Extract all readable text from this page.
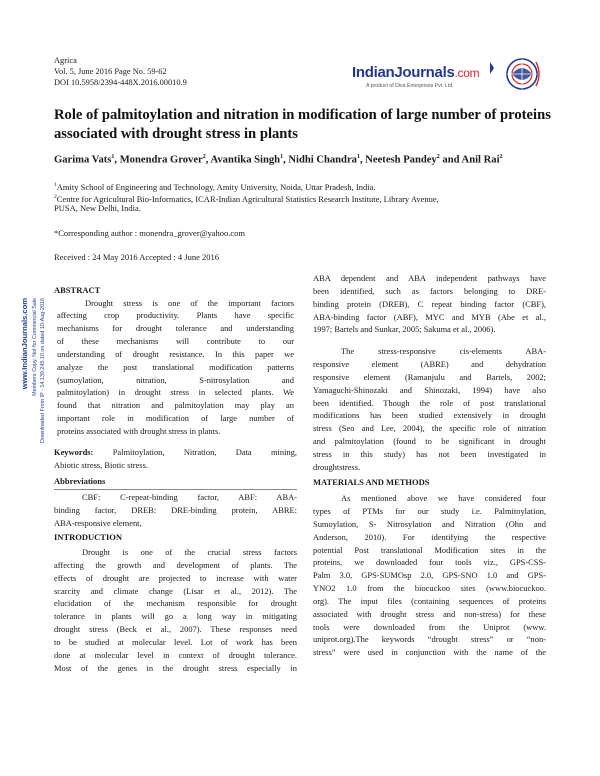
Agrica
Vol. 5, June 2016 Page No. 59-62
DOI 10.5958/2394-448X.2016.00010.9
IndianJournals.com
A product of Diva Enterprises Pvt. Ltd.
Role of palmitoylation and nitration in modification of large number of proteins associated with drought stress in plants
Garima Vats$^1$, Monendra Grover$^2$, Avantika Singh$^1$, Nidhi Chandra$^1$, Neetesh Pandey$^2$ and Anil Rai$^2$
$^1$Amity School of Engineering and Technology, Amity University, Noida, Uttar Pradesh, India.
$^2$Centre for Agricultural Bio-Informatics, ICAR-Indian Agricultural Statistics Research Institute, Library Avenue,
PUSA, New Delhi, India.
*Corresponding author : monendra_grover@yahoo.com
Received : 24 May 2016 Accepted : 4 June 2016
www.IndianJournals.com Members Copy, Not for Commercial Sale Downloaded From IP - 14.139.245.10 on dated 10-Aug-2016

ABSTRACT

Drought stress is one of the important factors

affecting crop productivity. Plants have specific

mechanisms for drought tolerance and understanding

of these mechanisms will contribute to our

understanding of drought resistance. In this paper we

analyze the post translational modification patterns

(sumoylation, nitration, S-nitrosylation and

palmitoylation) in drought stress in selected plants. We

found that nitration and palmitoylation may play an

important role in modification of large number of

proteins associated with drought stress in plants.

Keywords: Palmitoylation, Nitration, Data mining,

Abiotic stress, Biotic stress.

Abbreviations

CBF: C-repeat-binding factor, ABF: ABA-

binding factor, DREB: DRE-binding protein, ABRE:

ABA-responsive element,

INTRODUCTION

Drought is one of the crucial stress factors

affecting the growth and development of plants. The

effects of drought are projected to increase with water

scarcity and climate change (Lisar et al., 2012). The

elucidation of the mechanism responsible for drought

tolerance in plants will go a long way in mitigating

drought stress (Beck et al., 2007). These responses need

to be studied at molecular level. Lot of work has been

done at molecular level in context of drought tolerance.

Most of the genes in the drought stress especially in

ABA dependent and ABA independent pathways have

been identified, such as factors belonging to DRE-

binding protein (DREB), C repeat binding factor (CBF),

ABA-binding factor (ABF), MYC and MYB (Abe et al.,

1997; Bartels and Sunkar, 2005; Sakuma et al., 2006).

The stress-responsive cis-elements ABA-

responsive element (ABRE) and dehydration

responsive element (Ramanjulu and Bartels, 2002;

Yamaguchi-Shinozaki and Shinozaki, 1994) have also

been identified. Though the role of post translational

modifications has been studied extensively in drought

stress (Seo and Lee, 2004), the specific role of nitration

and palmitoylation (found to be significant in drought

stress in this study) has not been investigated in

droughtstress.

MATERIALS AND METHODS

As mentioned above we have considered four

types of PTMs for our study i.e. Palmitoylation,

Sumoylation, S- Nitrosylation and Nitration (Ohn and

Anderson, 2010). For identifying the respective

potential Post translational Modification sites in the

proteins, we downloaded four tools viz., GPS-CSS-

Palm 3.0, GPS-SUMOsp 2.0, GPS-SNO 1.0 and GPS-

YNO2 1.0 from the biocuckoo sites (www.biocuckoo.

org). The input files (containing sequences of proteins

associated with drought stress and non-stress) for these

tools were downloaded from the Uniprot (www.

uniprot.org).The keywords “drought stress” or “non-

stress” were used in conjunction with the name of the
